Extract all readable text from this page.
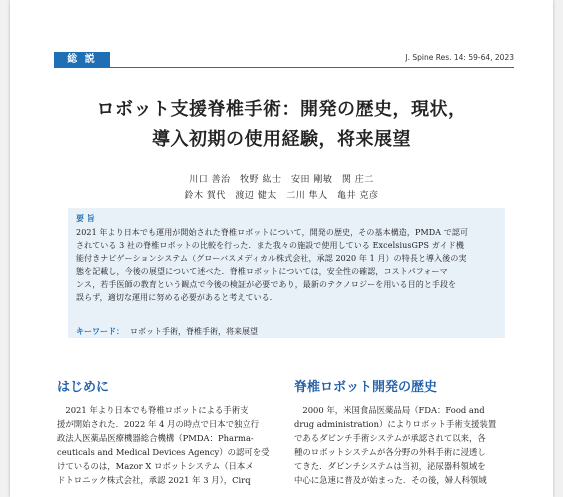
総 説	J. Spine Res. 14: 59-64, 2023
ロボット支援脊椎手術：開発の歴史，現状，
導入初期の使用経験，将来展望
川口 善治　牧野 紘士　安田 剛敏　関 庄二
鈴木 賀代　渡辺 健太　二川 隼人　亀井 克彦
要 旨
2021 年より日本でも運用が開始された脊椎ロボットについて，開発の歴史，その基本構造，PMDA で認可
されている 3 社の脊椎ロボットの比較を行った．また我々の施設で使用している ExcelsiusGPS ガイド機
能付きナビゲーションシステム（グローバスメディカル株式会社，承認 2020 年 1 月）の特長と導入後の実
態を記載し，今後の展望について述べた．脊椎ロボットについては，安全性の確認，コストパフォーマ
ンス，若手医師の教育という観点で今後の検証が必要であり，最新のテクノロジーを用いる目的と手段を
誤らず，適切な運用に努める必要があると考えている．
キーワード： ロボット手術，脊椎手術，将来展望
はじめに
　2021 年より日本でも脊椎ロボットによる手術支
援が開始された．2022 年 4 月の時点で日本で独立行
政法人医薬品医療機器総合機構（PMDA：Pharma-
ceuticals and Medical Devices Agency）の認可を受
けているのは，Mazor X ロボットシステム（日本メ
ドトロニック株式会社，承認 2021 年 3 月），Cirq
脊椎ロボット開発の歴史
　2000 年，米国食品医薬品局（FDA：Food and
drug administration）によりロボット手術支援装置
であるダビンチ手術システムが承認されて以来，各
種のロボットシステムが各分野の外科手術に浸透し
てきた．ダビンチシステムは当初，泌尿器科領域を
中心に急速に普及が始まった．その後，婦人科領域
